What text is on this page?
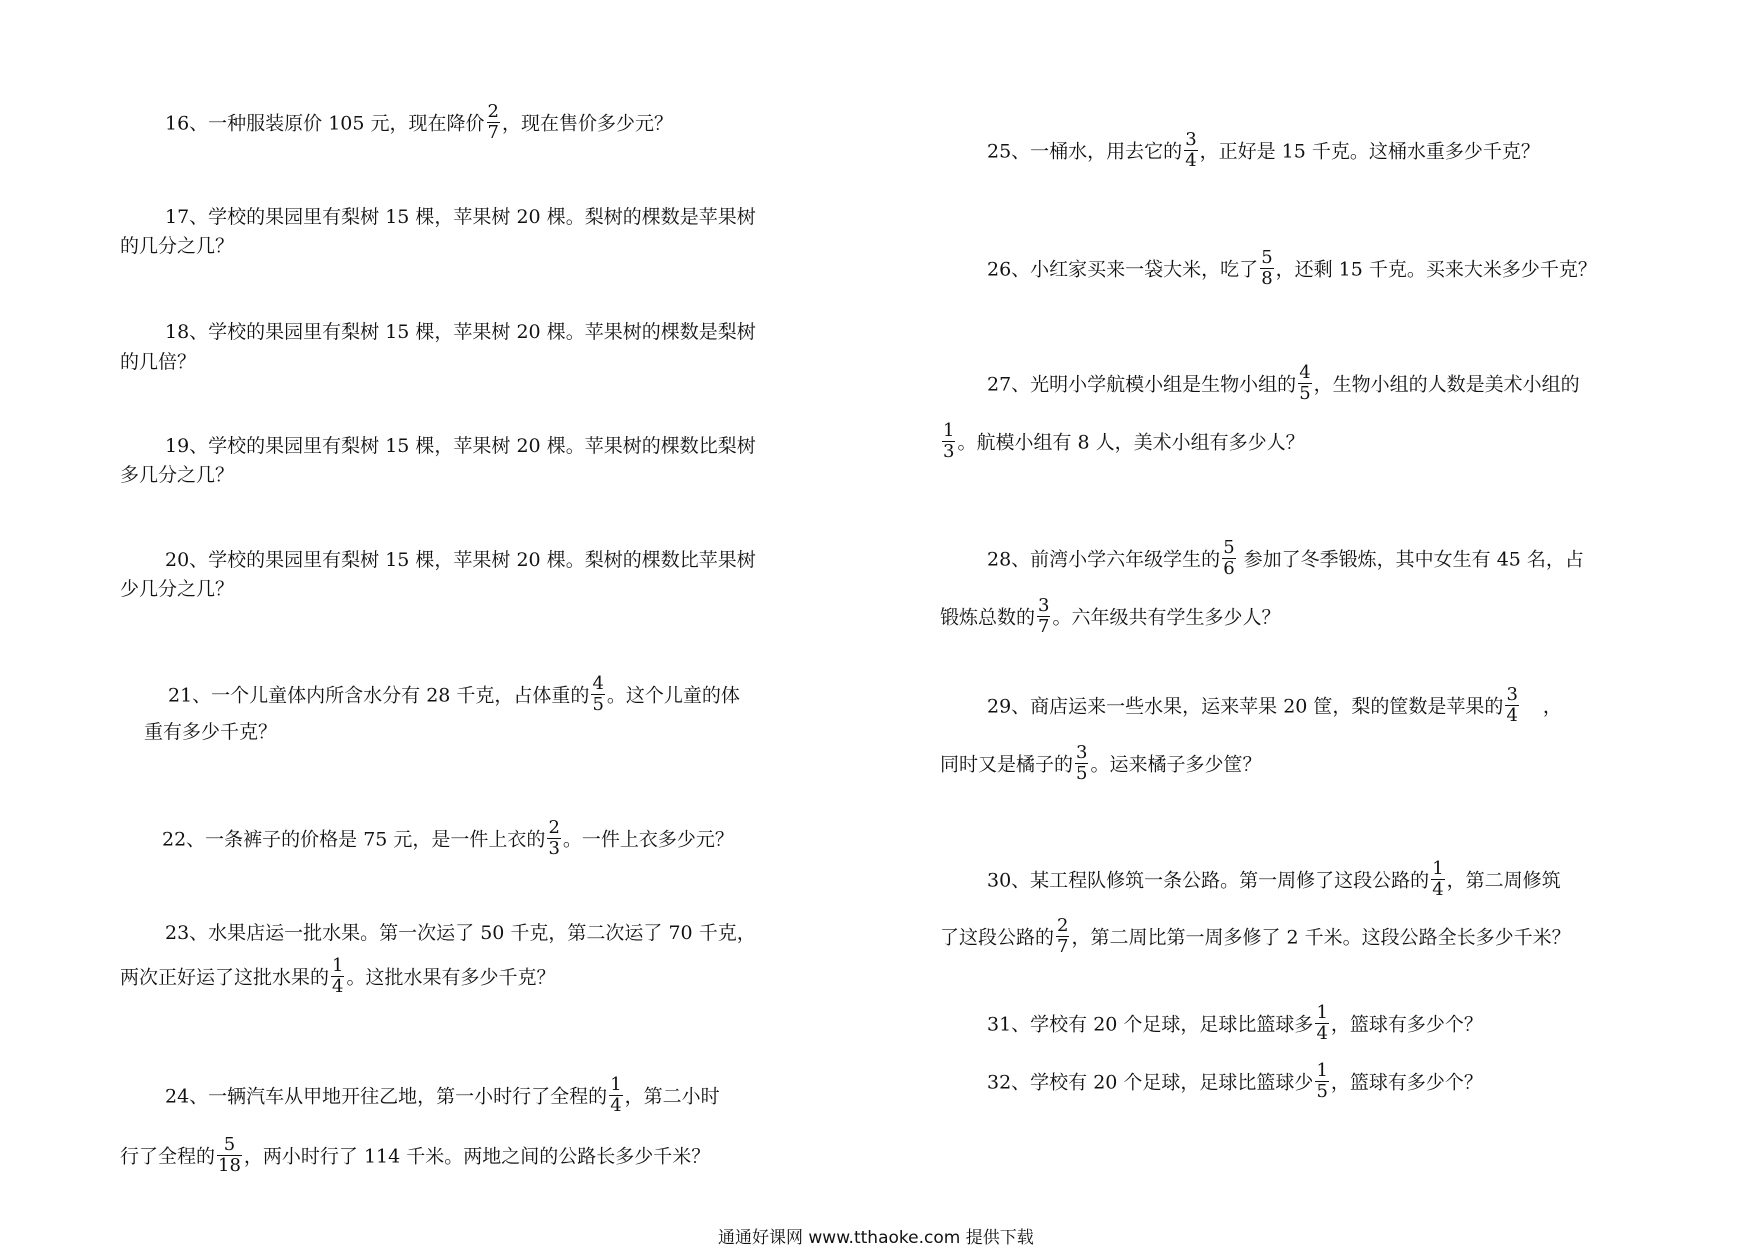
16、一种服装原价 105 元，现在降价 $\frac{2}{7}$ ，现在售价多少元？
17、学校的果园里有梨树 15 棵，苹果树 20 棵。梨树的棵数是苹果树
的几分之几？
18、学校的果园里有梨树 15 棵，苹果树 20 棵。苹果树的棵数是梨树
的几倍？
19、学校的果园里有梨树 15 棵，苹果树 20 棵。苹果树的棵数比梨树
多几分之几？
20、学校的果园里有梨树 15 棵，苹果树 20 棵。梨树的棵数比苹果树
少几分之几？
21、一个儿童体内所含水分有 28 千克，占体重的 $\frac{4}{5}$ 。这个儿童的体
重有多少千克？
22、一条裤子的价格是 75 元，是一件上衣的 $\frac{2}{3}$ 。一件上衣多少元？
23、水果店运一批水果。第一次运了 50 千克，第二次运了 70 千克，
两次正好运了这批水果的 $\frac{1}{4}$ 。这批水果有多少千克？
24、一辆汽车从甲地开往乙地，第一小时行了全程的 $\frac{1}{4}$ ，第二小时
行了全程的 $\frac{5}{18}$ ，两小时行了 114 千米。两地之间的公路长多少千米？
25、一桶水，用去它的 $\frac{3}{4}$ ，正好是 15 千克。这桶水重多少千克？
26、小红家买来一袋大米，吃了 $\frac{5}{8}$ ，还剩 15 千克。买来大米多少千克？
27、光明小学航模小组是生物小组的 $\frac{4}{5}$ ，生物小组的人数是美术小组的
$\frac{1}{3}$ 。航模小组有 8 人，美术小组有多少人？
28、前湾小学六年级学生的 $\frac{5}{6}$ 参加了冬季锻炼，其中女生有 45 名，占
锻炼总数的 $\frac{3}{7}$ 。六年级共有学生多少人？
29、商店运来一些水果，运来苹果 20 筐，梨的筐数是苹果的 $\frac{3}{4}$ ，
同时又是橘子的 $\frac{3}{5}$ 。运来橘子多少筐？
30、某工程队修筑一条公路。第一周修了这段公路的 $\frac{1}{4}$ ，第二周修筑
了这段公路的 $\frac{2}{7}$ ，第二周比第一周多修了 2 千米。这段公路全长多少千米？
31、学校有 20 个足球，足球比篮球多 $\frac{1}{4}$ ，篮球有多少个？
32、学校有 20 个足球，足球比篮球少 $\frac{1}{5}$ ，篮球有多少个？
通通好课网 www.tthaoke.com 提供下载
